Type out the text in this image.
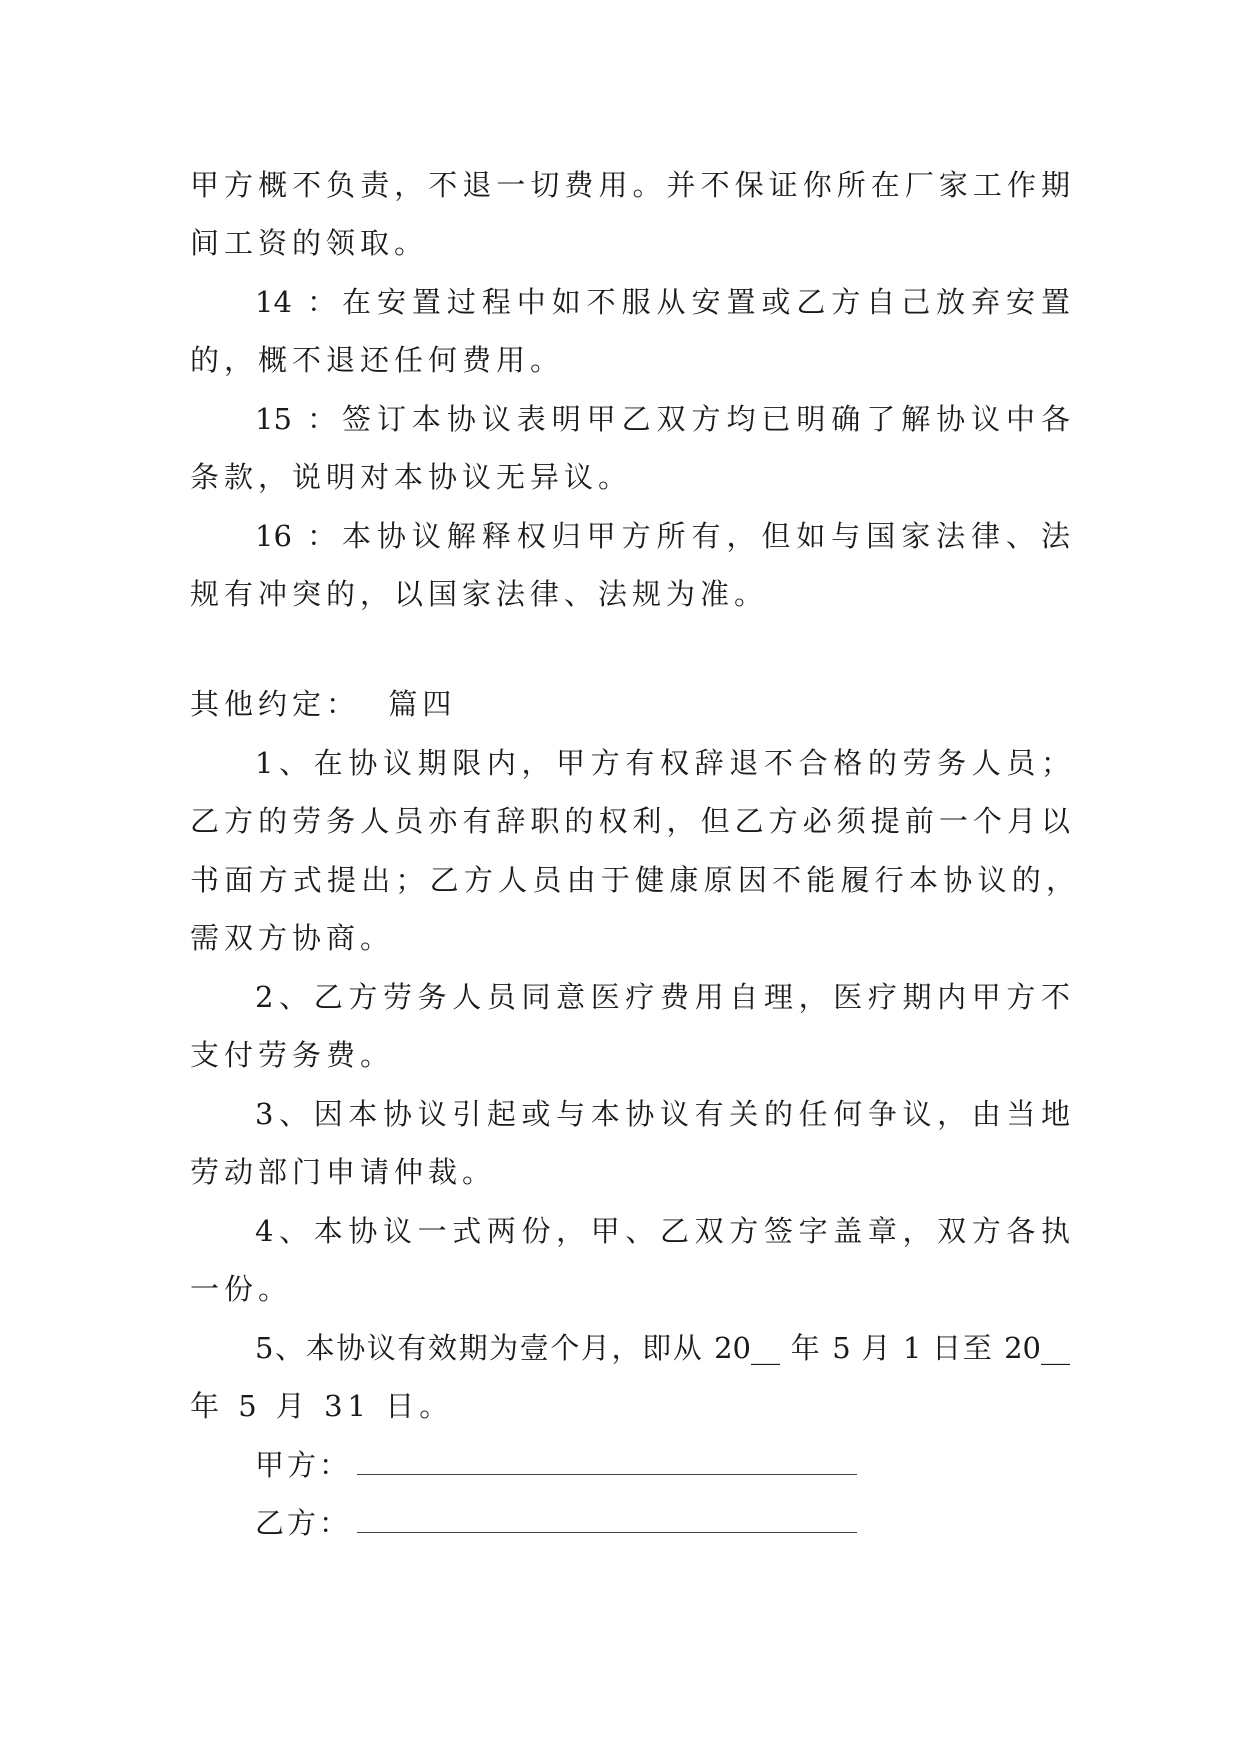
甲方概不负责，不退一切费用。并不保证你所在厂家工作期
间工资的领取。
14 ：在安置过程中如不服从安置或乙方自己放弃安置
的，概不退还任何费用。
15 ：签订本协议表明甲乙双方均已明确了解协议中各
条款，说明对本协议无异议。
16 ：本协议解释权归甲方所有，但如与国家法律、法
规有冲突的，以国家法律、法规为准。
其他约定：  篇四
1、在协议期限内，甲方有权辞退不合格的劳务人员；
乙方的劳务人员亦有辞职的权利，但乙方必须提前一个月以
书面方式提出；乙方人员由于健康原因不能履行本协议的，
需双方协商。
2、乙方劳务人员同意医疗费用自理，医疗期内甲方不
支付劳务费。
3、因本协议引起或与本协议有关的任何争议，由当地
劳动部门申请仲裁。
4、本协议一式两份，甲、乙双方签字盖章，双方各执
一份。
5、本协议有效期为壹个月，即从 20__ 年 5 月 1 日至 20__
年 5 月 31 日。
甲方：
乙方：
